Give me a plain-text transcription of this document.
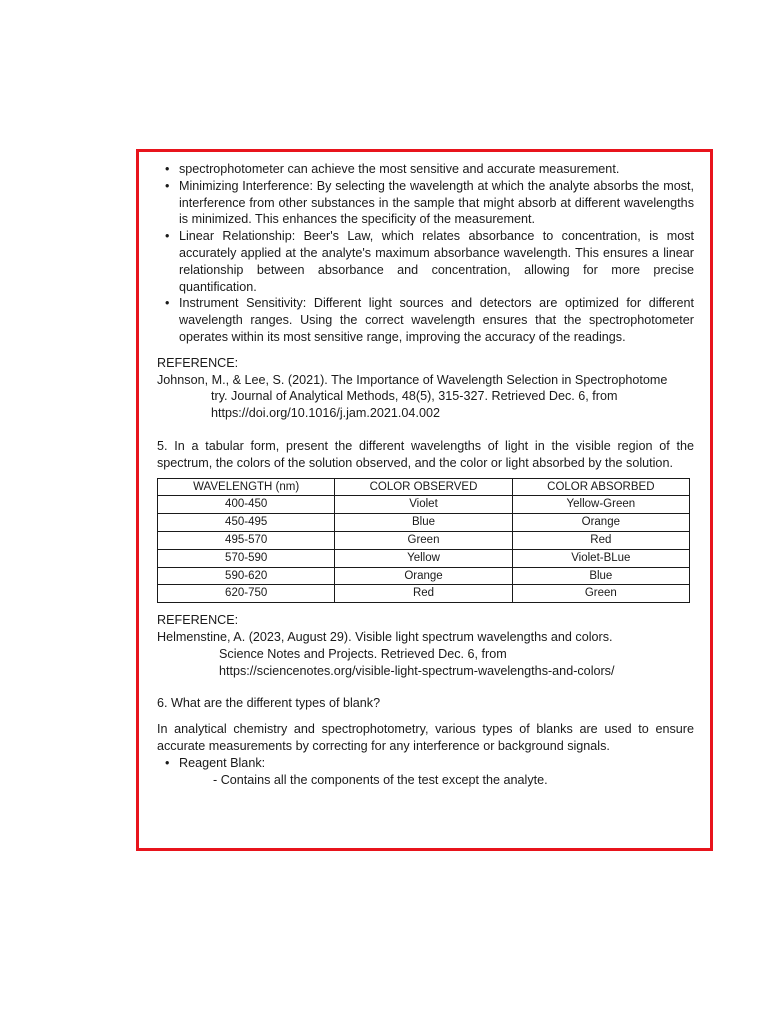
• spectrophotometer can achieve the most sensitive and accurate measurement.
• Minimizing Interference: By selecting the wavelength at which the analyte absorbs the most, interference from other substances in the sample that might absorb at different wavelengths is minimized. This enhances the specificity of the measurement.
• Linear Relationship: Beer's Law, which relates absorbance to concentration, is most accurately applied at the analyte's maximum absorbance wavelength. This ensures a linear relationship between absorbance and concentration, allowing for more precise quantification.
• Instrument Sensitivity: Different light sources and detectors are optimized for different wavelength ranges. Using the correct wavelength ensures that the spectrophotometer operates within its most sensitive range, improving the accuracy of the readings.

REFERENCE:

Johnson, M., & Lee, S. (2021). The Importance of Wavelength Selection in Spectrophotome

try. Journal of Analytical Methods, 48(5), 315-327. Retrieved Dec. 6, from

https://doi.org/10.1016/j.jam.2021.04.002

5. In a tabular form, present the different wavelengths of light in the visible region of the spectrum, the colors of the solution observed, and the color or light absorbed by the solution.

WAVELENGTH (nm)	COLOR OBSERVED	COLOR ABSORBED
400-450	Violet	Yellow-Green
450-495	Blue	Orange
495-570	Green	Red
570-590	Yellow	Violet-BLue
590-620	Orange	Blue
620-750	Red	Green

REFERENCE:

Helmenstine, A. (2023, August 29). Visible light spectrum wavelengths and colors.

Science Notes and Projects. Retrieved Dec. 6, from

https://sciencenotes.org/visible-light-spectrum-wavelengths-and-colors/

6. What are the different types of blank?

In analytical chemistry and spectrophotometry, various types of blanks are used to ensure accurate measurements by correcting for any interference or background signals.

• Reagent Blank:

- Contains all the components of the test except the analyte.
